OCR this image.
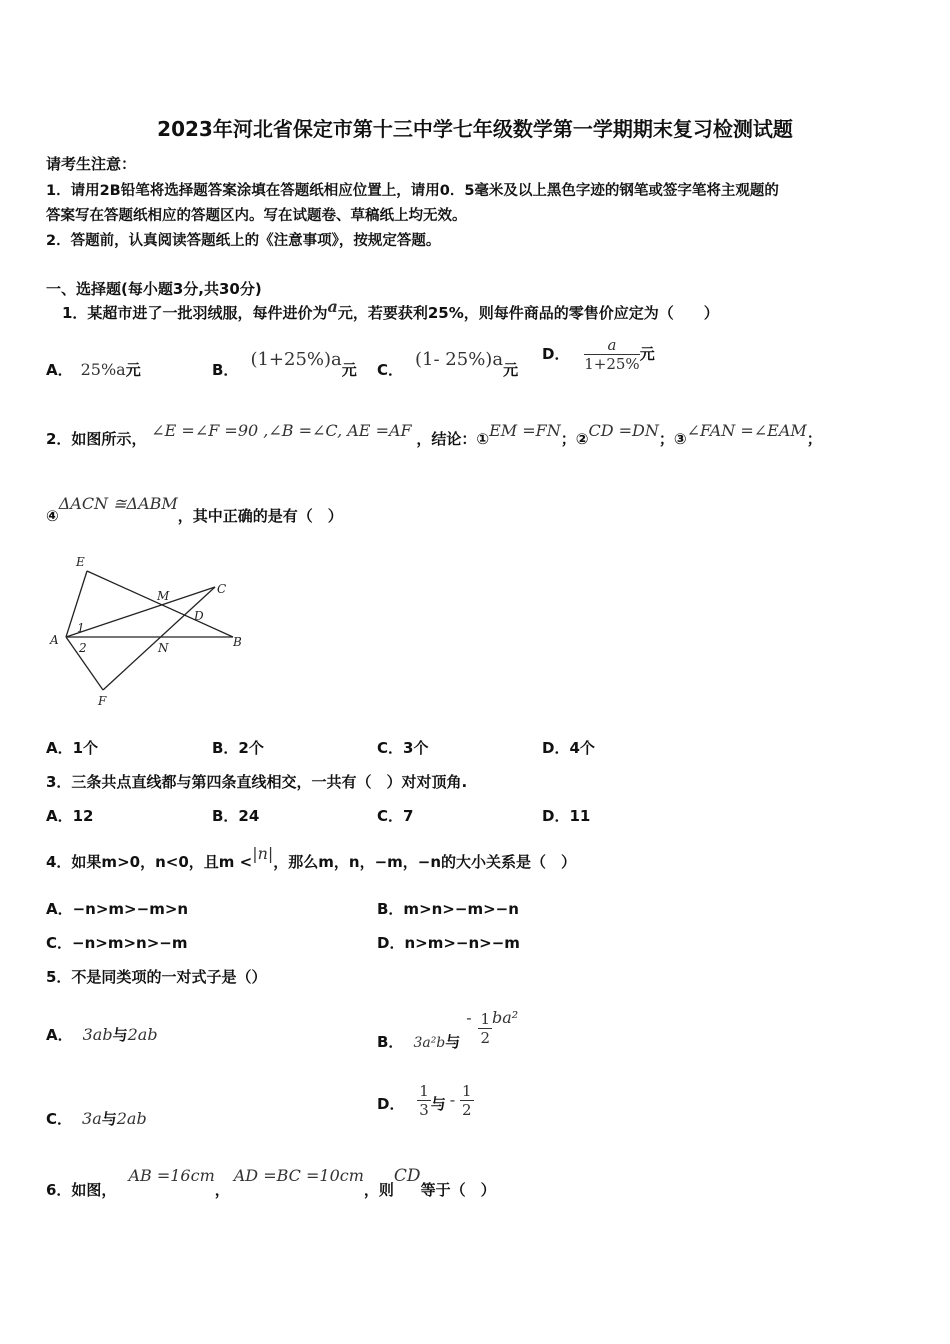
2023年河北省保定市第十三中学七年级数学第一学期期末复习检测试题
请考生注意：
1．请用2B铅笔将选择题答案涂填在答题纸相应位置上，请用0．5毫米及以上黑色字迹的钢笔或签字笔将主观题的
答案写在答题纸相应的答题区内。写在试题卷、草稿纸上均无效。
2．答题前，认真阅读答题纸上的《注意事项》，按规定答题。
一、选择题(每小题3分,共30分)
1．某超市进了一批羽绒服，每件进价为a元，若要获利25%，则每件商品的零售价应定为（　　）
A． 25%a元	B． (1+25%)a元 C． (1- 25%)a元
D． $\frac{a}{1+25\%}$ 元
2．如图所示， ∠E =∠F =90 ,∠B =∠C, AE =AF ，结论：①EM =FN；②CD =DN；③∠FAN =∠EAM；
④ΔACN ≅ΔABM，其中正确的是有（　）
E
M	C
D
A
1
2	N	B
F
A．1个	B．2个	C．3个	D．4个
3．三条共点直线都与第四条直线相交，一共有（　）对对顶角.
A．12	B．24	C．7	D．11
4．如果m>0，n<0，且m <|n|，那么m，n，−m，−n的大小关系是（　）
A．−n>m>−m>n	B．m>n>−m>−n
C．−n>m>n>−m	D．n>m>−n>−m
5．不是同类项的一对式子是（）
A． 3ab与2ab	B． 3a²b与- $\frac{1}{2} ba^2$
C． 3a与2ab
D． $\frac{1}{3}$ 与 - $\frac{1}{2}$
6．如图，AB =16cm，AD =BC =10cm，则CD等于（　）
